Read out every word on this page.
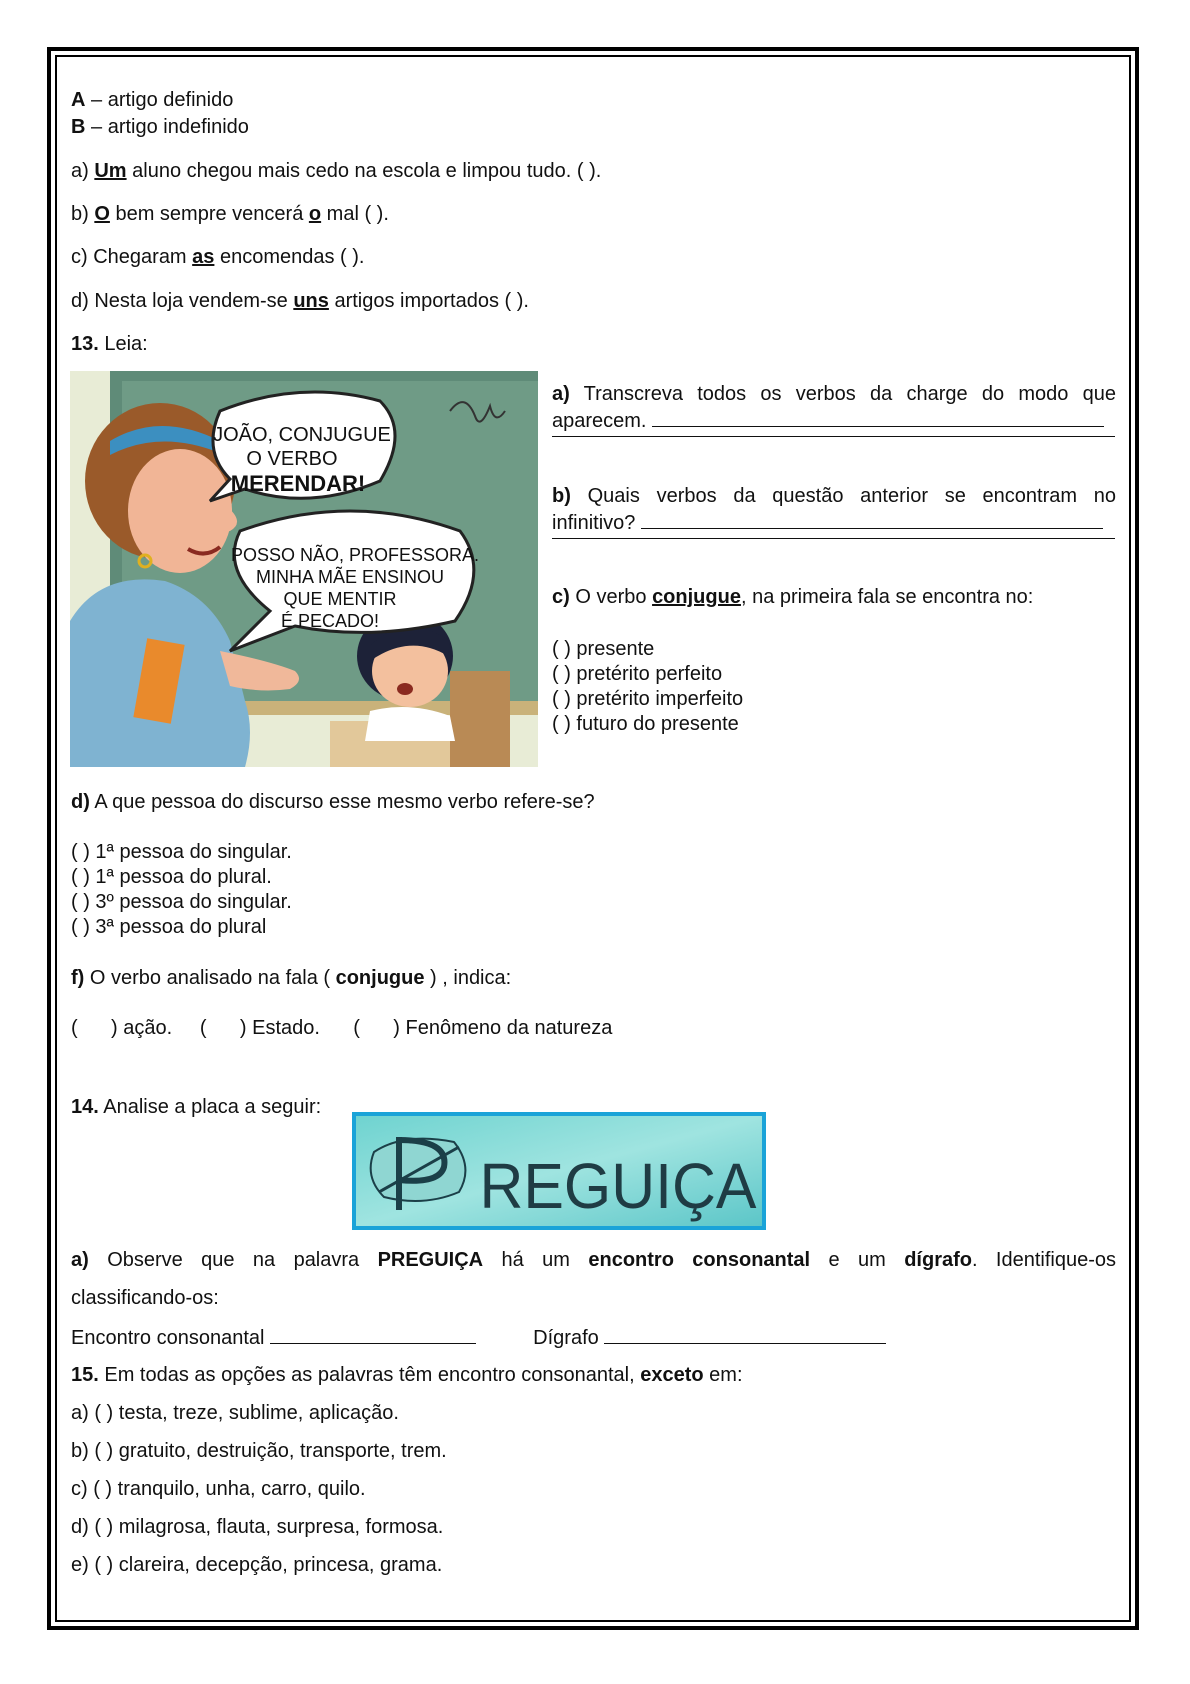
A – artigo definido
B – artigo indefinido
a) Um aluno chegou mais cedo na escola e limpou tudo. ( ).
b) O bem sempre vencerá o mal ( ).
c) Chegaram as encomendas ( ).
d) Nesta loja vendem-se uns artigos importados ( ).
13. Leia:
JOÃO, CONJUGUE
O VERBO
MERENDAR!
POSSO NÃO, PROFESSORA.
MINHA MÃE ENSINOU
QUE MENTIR
É PECADO!
a) Transcreva todos os verbos da charge do modo que
aparecem.
b) Quais verbos da questão anterior se encontram no
infinitivo?
c) O verbo conjugue, na primeira fala se encontra no:
( ) presente
( ) pretérito perfeito
( ) pretérito imperfeito
( ) futuro do presente
d) A que pessoa do discurso esse mesmo verbo refere-se?
( ) 1ª pessoa do singular.
( ) 1ª pessoa do plural.
( ) 3º pessoa do singular.
( ) 3ª pessoa do plural
f) O verbo analisado na fala ( conjugue ) , indica:
(      ) ação.     (      ) Estado.      (      ) Fenômeno da natureza
14. Analise a placa a seguir:
REGUIÇA
a) Observe que na palavra PREGUIÇA há um encontro consonantal e um dígrafo. Identifique-os
classificando-os:
Encontro consonantal	Dígrafo
15. Em todas as opções as palavras têm encontro consonantal, exceto em:
a) ( ) testa, treze, sublime, aplicação.
b) ( ) gratuito, destruição, transporte, trem.
c) ( ) tranquilo, unha, carro, quilo.
d) ( ) milagrosa, flauta, surpresa, formosa.
e) ( ) clareira, decepção, princesa, grama.
